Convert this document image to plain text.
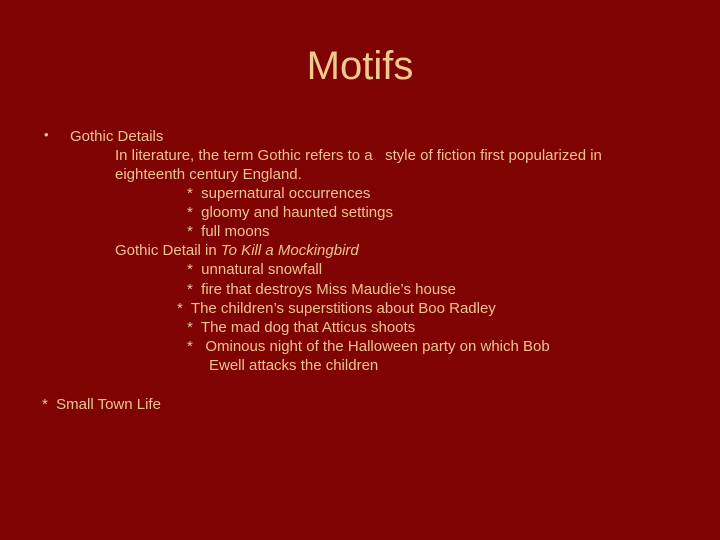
Motifs
• Gothic Details
In literature, the term Gothic refers to a   style of fiction first popularized in
eighteenth century England.
*  supernatural occurrences
*  gloomy and haunted settings
*  full moons
Gothic Detail in To Kill a Mockingbird
*  unnatural snowfall
*  fire that destroys Miss Maudie’s house
*  The children’s superstitions about Boo Radley
*  The mad dog that Atticus shoots
*   Ominous night of the Halloween party on which Bob
Ewell attacks the children
*  Small Town Life
